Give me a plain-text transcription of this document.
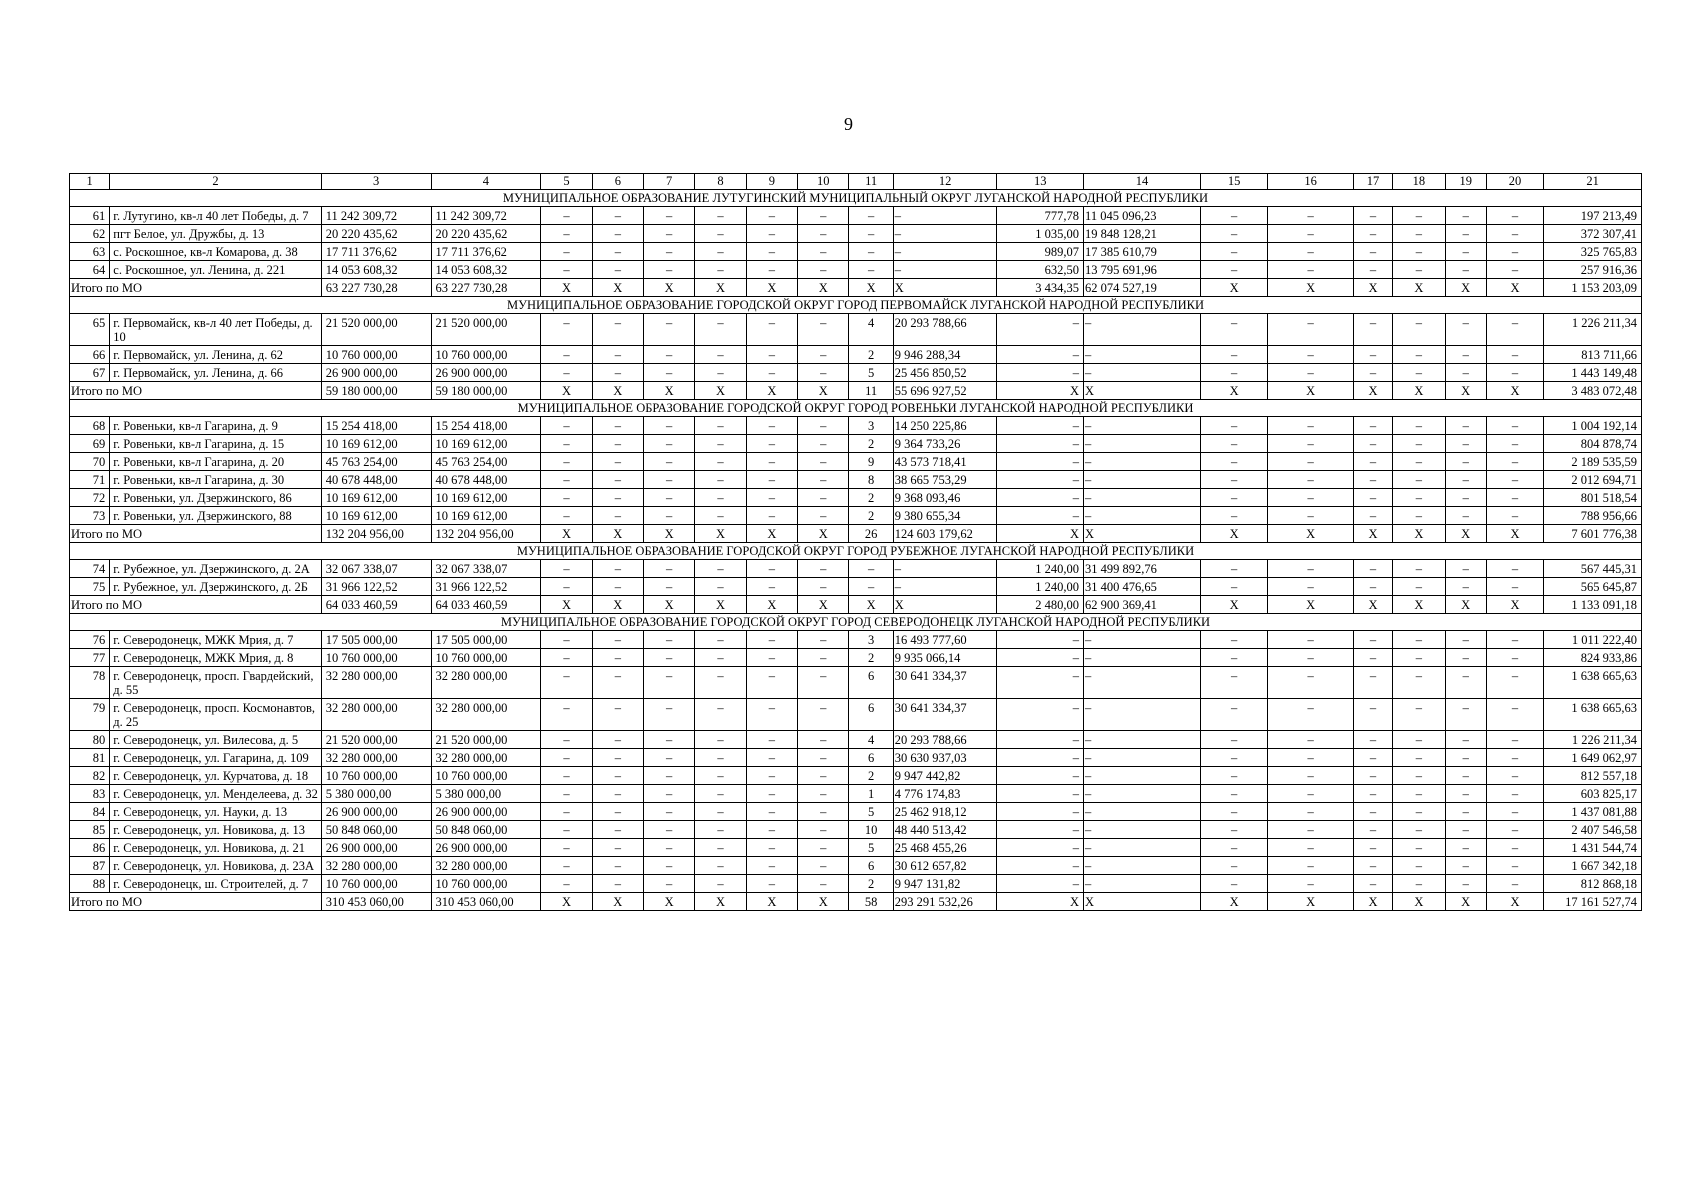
9
1	2	3	4	5	6	7	8	9	10	11	12	13	14	15	16	17	18	19	20	21
МУНИЦИПАЛЬНОЕ ОБРАЗОВАНИЕ ЛУТУГИНСКИЙ МУНИЦИПАЛЬНЫЙ ОКРУГ ЛУГАНСКОЙ НАРОДНОЙ РЕСПУБЛИКИ																				
61	г. Лутугино, кв-л 40 лет Победы, д. 7	11 242 309,72	11 242 309,72	–	–	–	–	–	–	–	–	777,78	11 045 096,23	–	–	–	–	–	–	197 213,49
62	пгт Белое, ул. Дружбы, д. 13	20 220 435,62	20 220 435,62	–	–	–	–	–	–	–	–	1 035,00	19 848 128,21	–	–	–	–	–	–	372 307,41
63	с. Роскошное, кв-л Комарова, д. 38	17 711 376,62	17 711 376,62	–	–	–	–	–	–	–	–	989,07	17 385 610,79	–	–	–	–	–	–	325 765,83
64	с. Роскошное, ул. Ленина, д. 221	14 053 608,32	14 053 608,32	–	–	–	–	–	–	–	–	632,50	13 795 691,96	–	–	–	–	–	–	257 916,36
Итого по МО		63 227 730,28	63 227 730,28	Х	Х	Х	Х	Х	Х	Х	Х	3 434,35	62 074 527,19	Х	Х	Х	Х	Х	Х	1 153 203,09
МУНИЦИПАЛЬНОЕ ОБРАЗОВАНИЕ ГОРОДСКОЙ ОКРУГ ГОРОД ПЕРВОМАЙСК ЛУГАНСКОЙ НАРОДНОЙ РЕСПУБЛИКИ																				
65	г. Первомайск, кв-л 40 лет Победы, д. 10	21 520 000,00	21 520 000,00	–	–	–	–	–	–	4	20 293 788,66	–	–	–	–	–	–	–	–	1 226 211,34
66	г. Первомайск, ул. Ленина, д. 62	10 760 000,00	10 760 000,00	–	–	–	–	–	–	2	9 946 288,34	–	–	–	–	–	–	–	–	813 711,66
67	г. Первомайск, ул. Ленина, д. 66	26 900 000,00	26 900 000,00	–	–	–	–	–	–	5	25 456 850,52	–	–	–	–	–	–	–	–	1 443 149,48
Итого по МО		59 180 000,00	59 180 000,00	Х	Х	Х	Х	Х	Х	11	55 696 927,52	Х	Х	Х	Х	Х	Х	Х	Х	3 483 072,48
МУНИЦИПАЛЬНОЕ ОБРАЗОВАНИЕ ГОРОДСКОЙ ОКРУГ ГОРОД РОВЕНЬКИ ЛУГАНСКОЙ НАРОДНОЙ РЕСПУБЛИКИ																				
68	г. Ровеньки, кв-л Гагарина, д. 9	15 254 418,00	15 254 418,00	–	–	–	–	–	–	3	14 250 225,86	–	–	–	–	–	–	–	–	1 004 192,14
69	г. Ровеньки, кв-л Гагарина, д. 15	10 169 612,00	10 169 612,00	–	–	–	–	–	–	2	9 364 733,26	–	–	–	–	–	–	–	–	804 878,74
70	г. Ровеньки, кв-л Гагарина, д. 20	45 763 254,00	45 763 254,00	–	–	–	–	–	–	9	43 573 718,41	–	–	–	–	–	–	–	–	2 189 535,59
71	г. Ровеньки, кв-л Гагарина, д. 30	40 678 448,00	40 678 448,00	–	–	–	–	–	–	8	38 665 753,29	–	–	–	–	–	–	–	–	2 012 694,71
72	г. Ровеньки, ул. Дзержинского, 86	10 169 612,00	10 169 612,00	–	–	–	–	–	–	2	9 368 093,46	–	–	–	–	–	–	–	–	801 518,54
73	г. Ровеньки, ул. Дзержинского, 88	10 169 612,00	10 169 612,00	–	–	–	–	–	–	2	9 380 655,34	–	–	–	–	–	–	–	–	788 956,66
Итого по МО		132 204 956,00	132 204 956,00	Х	Х	Х	Х	Х	Х	26	124 603 179,62	Х	Х	Х	Х	Х	Х	Х	Х	7 601 776,38
МУНИЦИПАЛЬНОЕ ОБРАЗОВАНИЕ ГОРОДСКОЙ ОКРУГ ГОРОД РУБЕЖНОЕ ЛУГАНСКОЙ НАРОДНОЙ РЕСПУБЛИКИ																				
74	г. Рубежное, ул. Дзержинского, д. 2А	32 067 338,07	32 067 338,07	–	–	–	–	–	–	–	–	1 240,00	31 499 892,76	–	–	–	–	–	–	567 445,31
75	г. Рубежное, ул. Дзержинского, д. 2Б	31 966 122,52	31 966 122,52	–	–	–	–	–	–	–	–	1 240,00	31 400 476,65	–	–	–	–	–	–	565 645,87
Итого по МО		64 033 460,59	64 033 460,59	Х	Х	Х	Х	Х	Х	Х	Х	2 480,00	62 900 369,41	Х	Х	Х	Х	Х	Х	1 133 091,18
МУНИЦИПАЛЬНОЕ ОБРАЗОВАНИЕ ГОРОДСКОЙ ОКРУГ ГОРОД СЕВЕРОДОНЕЦК ЛУГАНСКОЙ НАРОДНОЙ РЕСПУБЛИКИ																				
76	г. Северодонецк, МЖК Мрия, д. 7	17 505 000,00	17 505 000,00	–	–	–	–	–	–	3	16 493 777,60	–	–	–	–	–	–	–	–	1 011 222,40
77	г. Северодонецк, МЖК Мрия, д. 8	10 760 000,00	10 760 000,00	–	–	–	–	–	–	2	9 935 066,14	–	–	–	–	–	–	–	–	824 933,86
78	г. Северодонецк, просп. Гвардейский, д. 55	32 280 000,00	32 280 000,00	–	–	–	–	–	–	6	30 641 334,37	–	–	–	–	–	–	–	–	1 638 665,63
79	г. Северодонецк, просп. Космонавтов, д. 25	32 280 000,00	32 280 000,00	–	–	–	–	–	–	6	30 641 334,37	–	–	–	–	–	–	–	–	1 638 665,63
80	г. Северодонецк, ул. Вилесова, д. 5	21 520 000,00	21 520 000,00	–	–	–	–	–	–	4	20 293 788,66	–	–	–	–	–	–	–	–	1 226 211,34
81	г. Северодонецк, ул. Гагарина, д. 109	32 280 000,00	32 280 000,00	–	–	–	–	–	–	6	30 630 937,03	–	–	–	–	–	–	–	–	1 649 062,97
82	г. Северодонецк, ул. Курчатова, д. 18	10 760 000,00	10 760 000,00	–	–	–	–	–	–	2	9 947 442,82	–	–	–	–	–	–	–	–	812 557,18
83	г. Северодонецк, ул. Менделеева, д. 32	5 380 000,00	5 380 000,00	–	–	–	–	–	–	1	4 776 174,83	–	–	–	–	–	–	–	–	603 825,17
84	г. Северодонецк, ул. Науки, д. 13	26 900 000,00	26 900 000,00	–	–	–	–	–	–	5	25 462 918,12	–	–	–	–	–	–	–	–	1 437 081,88
85	г. Северодонецк, ул. Новикова, д. 13	50 848 060,00	50 848 060,00	–	–	–	–	–	–	10	48 440 513,42	–	–	–	–	–	–	–	–	2 407 546,58
86	г. Северодонецк, ул. Новикова, д. 21	26 900 000,00	26 900 000,00	–	–	–	–	–	–	5	25 468 455,26	–	–	–	–	–	–	–	–	1 431 544,74
87	г. Северодонецк, ул. Новикова, д. 23А	32 280 000,00	32 280 000,00	–	–	–	–	–	–	6	30 612 657,82	–	–	–	–	–	–	–	–	1 667 342,18
88	г. Северодонецк, ш. Строителей, д. 7	10 760 000,00	10 760 000,00	–	–	–	–	–	–	2	9 947 131,82	–	–	–	–	–	–	–	–	812 868,18
Итого по МО		310 453 060,00	310 453 060,00	Х	Х	Х	Х	Х	Х	58	293 291 532,26	Х	Х	Х	Х	Х	Х	Х	Х	17 161 527,74
